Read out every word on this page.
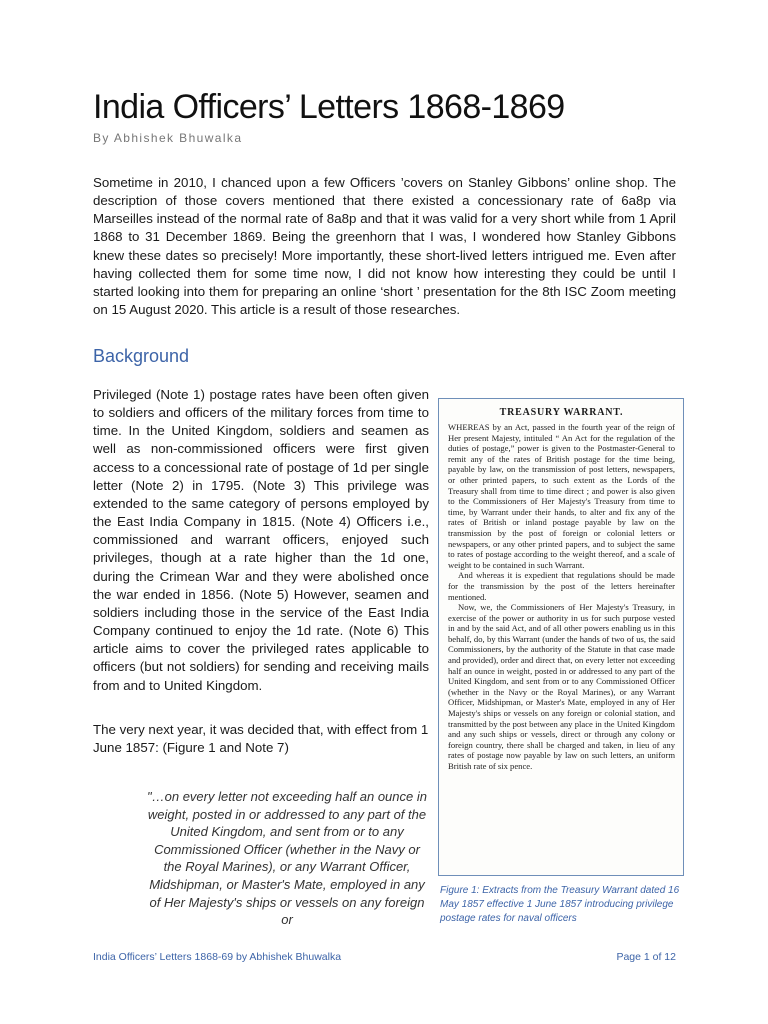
India Officers’ Letters 1868-1869
By Abhishek Bhuwalka

Sometime in 2010, I chanced upon a few Officers ’covers on Stanley Gibbons’ online shop. The description of those covers mentioned that there existed a concessionary rate of 6a8p via Marseilles instead of the normal rate of 8a8p and that it was valid for a very short while from 1 April 1868 to 31 December 1869. Being the greenhorn that I was, I wondered how Stanley Gibbons knew these dates so precisely! More importantly, these short-lived letters intrigued me. Even after having collected them for some time now, I did not know how interesting they could be until I started looking into them for preparing an online ‘short ’ presentation for the 8th ISC Zoom meeting on 15 August 2020. This article is a result of those researches.

Background

Privileged (Note 1) postage rates have been often given to soldiers and officers of the military forces from time to time. In the United Kingdom, soldiers and seamen as well as non-commissioned officers were first given access to a concessional rate of postage of 1d per single letter (Note 2) in 1795. (Note 3) This privilege was extended to the same category of persons employed by the East India Company in 1815. (Note 4) Officers i.e., commissioned and warrant officers, enjoyed such privileges, though at a rate higher than the 1d one, during the Crimean War and they were abolished once the war ended in 1856. (Note 5) However, seamen and soldiers including those in the service of the East India Company continued to enjoy the 1d rate. (Note 6) This article aims to cover the privileged rates applicable to officers (but not soldiers) for sending and receiving mails from and to United Kingdom.

The very next year, it was decided that, with effect from 1 June 1857: (Figure 1 and Note 7)

"…on every letter not exceeding half an ounce in weight, posted in or addressed to any part of the United Kingdom, and sent from or to any Commissioned Officer (whether in the Navy or the Royal Marines), or any Warrant Officer, Midshipman, or Master's Mate, employed in any of Her Majesty's ships or vessels on any foreign or

TREASURY WARRANT.

WHEREAS by an Act, passed in the fourth year of the reign of Her present Majesty, intituled “ An Act for the regulation of the duties of postage,” power is given to the Postmaster-General to remit any of the rates of British postage for the time being, payable by law, on the transmission of post letters, newspapers, or other printed papers, to such extent as the Lords of the Treasury shall from time to time direct ; and power is also given to the Commissioners of Her Majesty's Treasury from time to time, by Warrant under their hands, to alter and fix any of the rates of British or inland postage payable by law on the transmission by the post of foreign or colonial letters or newspapers, or any other printed papers, and to subject the same to rates of postage according to the weight thereof, and a scale of weight to be contained in such Warrant.

And whereas it is expedient that regulations should be made for the transmission by the post of the letters hereinafter mentioned.

Now, we, the Commissioners of Her Majesty's Treasury, in exercise of the power or authority in us for such purpose vested in and by the said Act, and of all other powers enabling us in this behalf, do, by this Warrant (under the hands of two of us, the said Commissioners, by the authority of the Statute in that case made and provided), order and direct that, on every letter not exceeding half an ounce in weight, posted in or addressed to any part of the United Kingdom, and sent from or to any Commissioned Officer (whether in the Navy or the Royal Marines), or any Warrant Officer, Midshipman, or Master's Mate, employed in any of Her Majesty's ships or vessels on any foreign or colonial station, and transmitted by the post between any place in the United Kingdom and any such ships or vessels, direct or through any colony or foreign country, there shall be charged and taken, in lieu of any rates of postage now payable by law on such letters, an uniform British rate of six pence.

Figure 1: Extracts from the Treasury Warrant dated 16 May 1857 effective 1 June 1857 introducing privilege postage rates for naval officers

India Officers’ Letters 1868-69 by Abhishek Bhuwalka	Page 1 of 12
